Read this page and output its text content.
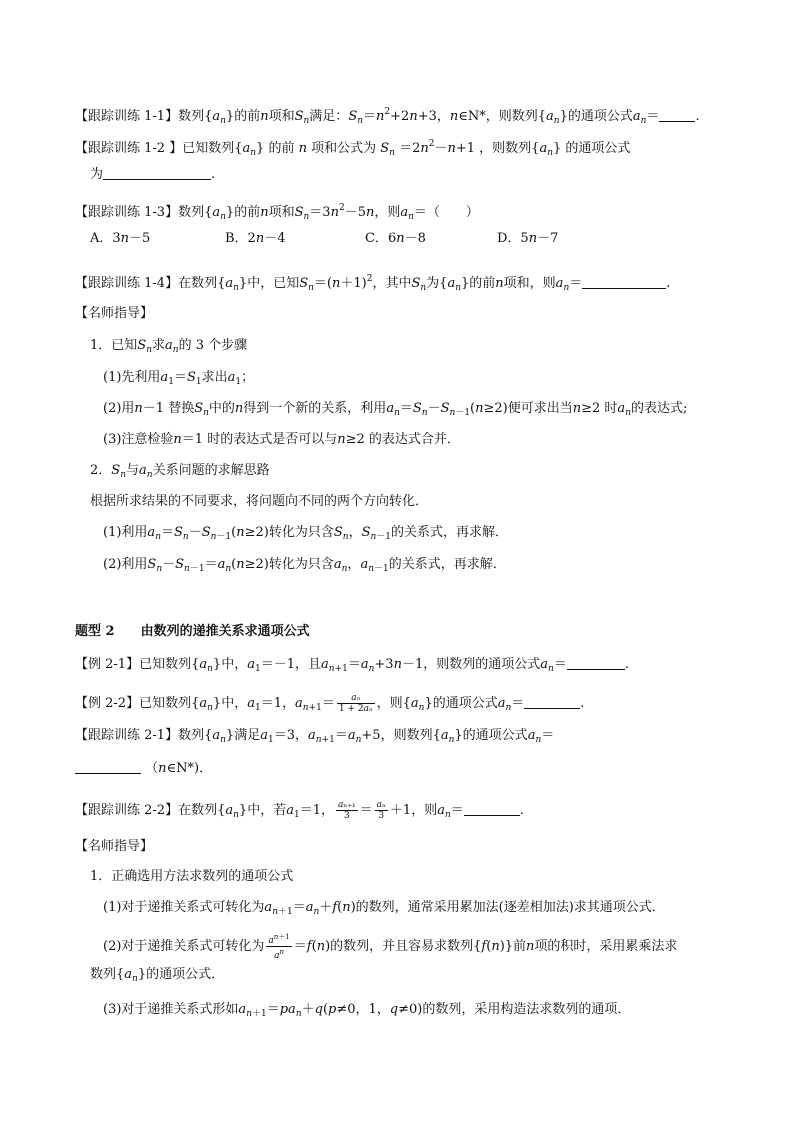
【跟踪训练 1-1】数列$\{a_n\}$的前n项和$S_n$满足：$S_n=n^2+2n+3$，n∈N*，则数列$\{a_n\}$的通项公式$a_n=$	.
【跟踪训练 1-2 】已知数列$\{a_n\}$ 的前 n 项和公式为 $S_n =2n^2-n+1$ ，则数列$\{a_n\}$ 的通项公式
为	.
【跟踪训练 1-3】数列$\{a_n\}$的前n项和$S_n=3n^2-5n$，则$a_n=$（　　）
A．3n－5	B．2n－4	C．6n－8	D．5n－7
【跟踪训练 1-4】在数列$\{a_n\}$中，已知$S_n=(n+1)^2$，其中$S_n$为$\{a_n\}$的前n项和，则$a_n=$	.
【名师指导】
1．已知$S_n$求$a_n$的 3 个步骤
(1)先利用$a_1=S_1$求出$a_1$；
(2)用n－1 替换$S_n$中的n得到一个新的关系，利用$a_n=S_n-S_{n-1}(n\ge 2)$便可求出当n≥2 时$a_n$的表达式;
(3)注意检验n＝1 时的表达式是否可以与n≥2 的表达式合并．
2．$S_n$与$a_n$关系问题的求解思路
根据所求结果的不同要求，将问题向不同的两个方向转化．
(1)利用$a_n=S_n-S_{n-1}(n\ge 2)$转化为只含$S_n$，$S_{n-1}$的关系式，再求解．
(2)利用$S_n-S_{n-1}=a_n(n\ge 2)$转化为只含$a_n$，$a_{n-1}$的关系式，再求解．
题型 2 由数列的递推关系求通项公式
【例 2-1】已知数列$\{a_n\}$中，$a_1=-1$，且$a_{n+1}=a_n+3n-1$，则数列的通项公式$a_n=$	.
【例 2-2】已知数列$\{a_n\}$中，$a_1=1$，$a_{n+1}= \frac{\text{aₙ}}{\text{1 + 2aₙ}}$ ，则$\{a_n\}$的通项公式$a_n=$	.
【跟踪训练 2-1】数列$\{a_n\}$满足$a_1=3$，$a_{n+1}=a_n+5$，则数列$\{a_n\}$的通项公式$a_n=$
（n∈N*)．
【跟踪训练 2-2】在数列$\{a_n\}$中，若$a_1=1$， $\frac{\text{aₙ₊₁}}{3} = \frac{\text{aₙ}}{3} +1$，则$a_n=$	.
【名师指导】
1．正确选用方法求数列的通项公式
(1)对于递推关系式可转化为$a_{n+1}=a_n+f(n)$的数列，通常采用累加法(逐差相加法)求其通项公式．
(2)对于递推关系式可转化为 $\frac{a^{n+1}}{a^n} =f(n)$的数列，并且容易求数列{f(n)}前n项的积时，采用累乘法求
数列$\{a_n\}$的通项公式．
(3)对于递推关系式形如$a_{n+1}=pa_n+q(p\ne 0$，1，q≠0)的数列，采用构造法求数列的通项．
